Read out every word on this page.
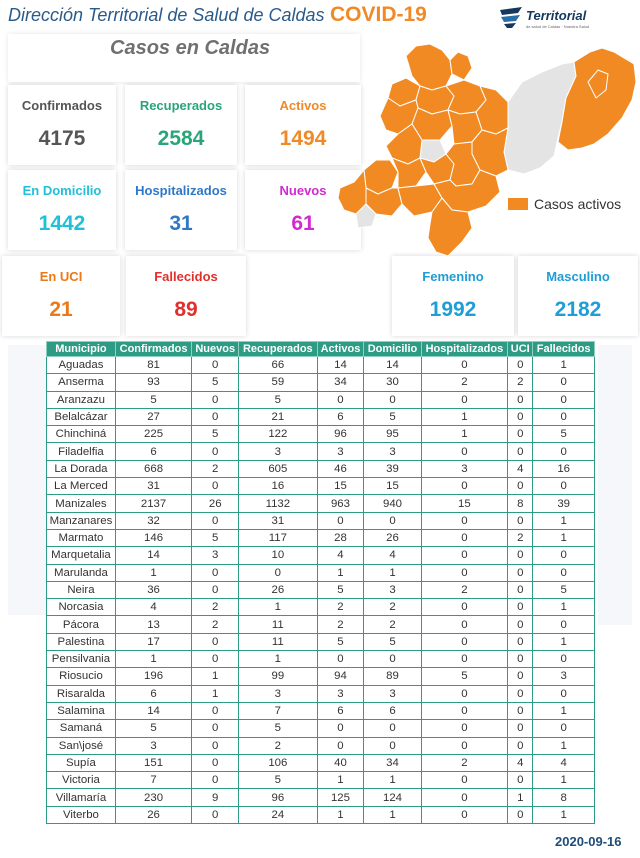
Dirección Territorial de Salud de Caldas COVID-19	Territorial
de salud de Caldas · Nuestra Salud
Casos en Caldas
Confirmados
4175
Recuperados
2584
Activos
1494
En Domicilio
1442
Hospitalizados
31
Nuevos
61
En UCI
21
Fallecidos
89
Femenino
1992
Masculino
2182
Casos activos
Municipio	Confirmados	Nuevos	Recuperados	Activos	Domicilio	Hospitalizados	UCI	Fallecidos
Aguadas	81	0	66	14	14	0	0	1
Anserma	93	5	59	34	30	2	2	0
Aranzazu	5	0	5	0	0	0	0	0
Belalcázar	27	0	21	6	5	1	0	0
Chinchiná	225	5	122	96	95	1	0	5
Filadelfia	6	0	3	3	3	0	0	0
La Dorada	668	2	605	46	39	3	4	16
La Merced	31	0	16	15	15	0	0	0
Manizales	2137	26	1132	963	940	15	8	39
Manzanares	32	0	31	0	0	0	0	1
Marmato	146	5	117	28	26	0	2	1
Marquetalia	14	3	10	4	4	0	0	0
Marulanda	1	0	0	1	1	0	0	0
Neira	36	0	26	5	3	2	0	5
Norcasia	4	2	1	2	2	0	0	1
Pácora	13	2	11	2	2	0	0	0
Palestina	17	0	11	5	5	0	0	1
Pensilvania	1	0	1	0	0	0	0	0
Riosucio	196	1	99	94	89	5	0	3
Risaralda	6	1	3	3	3	0	0	0
Salamina	14	0	7	6	6	0	0	1
Samaná	5	0	5	0	0	0	0	0
San\josé	3	0	2	0	0	0	0	1
Supía	151	0	106	40	34	2	4	4
Victoria	7	0	5	1	1	0	0	1
Villamaría	230	9	96	125	124	0	1	8
Viterbo	26	0	24	1	1	0	0	1
2020-09-16
